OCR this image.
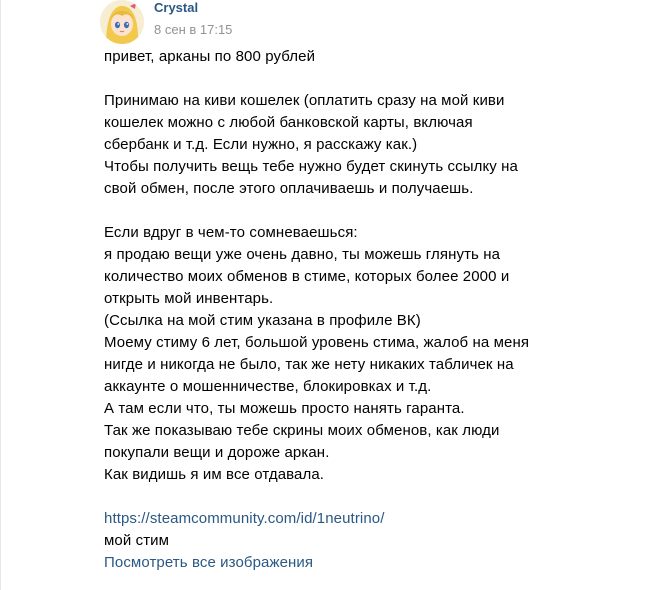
Crystal
8 сен в 17:15
привет, арканы по 800 рублей
Принимаю на киви кошелек (оплатить сразу на мой киви
кошелек можно с любой банковской карты, включая
сбербанк и т.д. Если нужно, я расскажу как.)
Чтобы получить вещь тебе нужно будет скинуть ссылку на
свой обмен, после этого оплачиваешь и получаешь.
Если вдруг в чем-то сомневаешься:
я продаю вещи уже очень давно, ты можешь глянуть на
количество моих обменов в стиме, которых более 2000 и
открыть мой инвентарь.
(Ссылка на мой стим указана в профиле ВК)
Моему стиму 6 лет, большой уровень стима, жалоб на меня
нигде и никогда не было, так же нету никаких табличек на
аккаунте о мошенничестве, блокировках и т.д.
А там если что, ты можешь просто нанять гаранта.
Так же показываю тебе скрины моих обменов, как люди
покупали вещи и дороже аркан.
Как видишь я им все отдавала.
https://steamcommunity.com/id/1neutrino/
мой стим
Посмотреть все изображения
